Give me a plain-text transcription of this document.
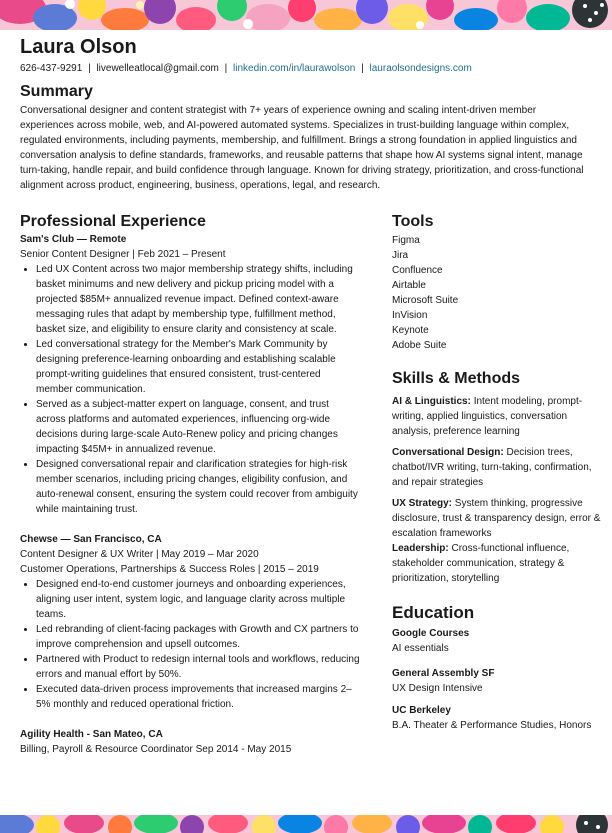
Laura Olson
626-437-9291 | livewelleatlocal@gmail.com | linkedin.com/in/laurawolson | lauraolsondesigns.com
Summary

Conversational designer and content strategist with 7+ years of experience owning and scaling intent-driven member experiences across mobile, web, and AI-powered automated systems. Specializes in trust-building language within complex, regulated environments, including payments, membership, and fulfillment. Brings a strong foundation in applied linguistics and conversation analysis to define standards, frameworks, and reusable patterns that shape how AI systems signal intent, manage turn-taking, handle repair, and build confidence through language. Known for driving strategy, prioritization, and cross-functional alignment across product, engineering, business, operations, legal, and research.

Professional Experience
Sam's Club — Remote
Senior Content Designer | Feb 2021 – Present
• Led UX Content across two major membership strategy shifts, including basket minimums and new delivery and pickup pricing model with a projected $85M+ annualized revenue impact. Defined context-aware messaging rules that adapt by membership type, fulfillment method, basket size, and eligibility to ensure clarity and consistency at scale.
• Led conversational strategy for the Member's Mark Community by designing preference-learning onboarding and establishing scalable prompt-writing guidelines that ensured consistent, trust-centered member communication.
• Served as a subject-matter expert on language, consent, and trust across platforms and automated experiences, influencing org-wide decisions during large-scale Auto-Renew policy and pricing changes impacting $45M+ in annualized revenue.
• Designed conversational repair and clarification strategies for high-risk member scenarios, including pricing changes, eligibility confusion, and auto-renewal consent, ensuring the system could recover from ambiguity while maintaining trust.
Chewse — San Francisco, CA
Content Designer & UX Writer | May 2019 – Mar 2020
Customer Operations, Partnerships & Success Roles | 2015 – 2019
• Designed end-to-end customer journeys and onboarding experiences, aligning user intent, system logic, and language clarity across multiple teams.
• Led rebranding of client-facing packages with Growth and CX partners to improve comprehension and upsell outcomes.
• Partnered with Product to redesign internal tools and workflows, reducing errors and manual effort by 50%.
• Executed data-driven process improvements that increased margins 2–5% monthly and reduced operational friction.
Agility Health - San Mateo, CA
Billing, Payroll & Resource Coordinator Sep 2014 - May 2015
Tools
Figma
Jira
Confluence
Airtable
Microsoft Suite
InVision
Keynote
Adobe Suite
Skills & Methods
AI & Linguistics: Intent modeling, prompt-writing, applied linguistics, conversation analysis, preference learning
Conversational Design: Decision trees, chatbot/IVR writing, turn-taking, confirmation, and repair strategies
UX Strategy: System thinking, progressive disclosure, trust & transparency design, error & escalation frameworks
Leadership: Cross-functional influence, stakeholder communication, strategy & prioritization, storytelling
Education
Google Courses
AI essentials
General Assembly SF
UX Design Intensive
UC Berkeley
B.A. Theater & Performance Studies, Honors
